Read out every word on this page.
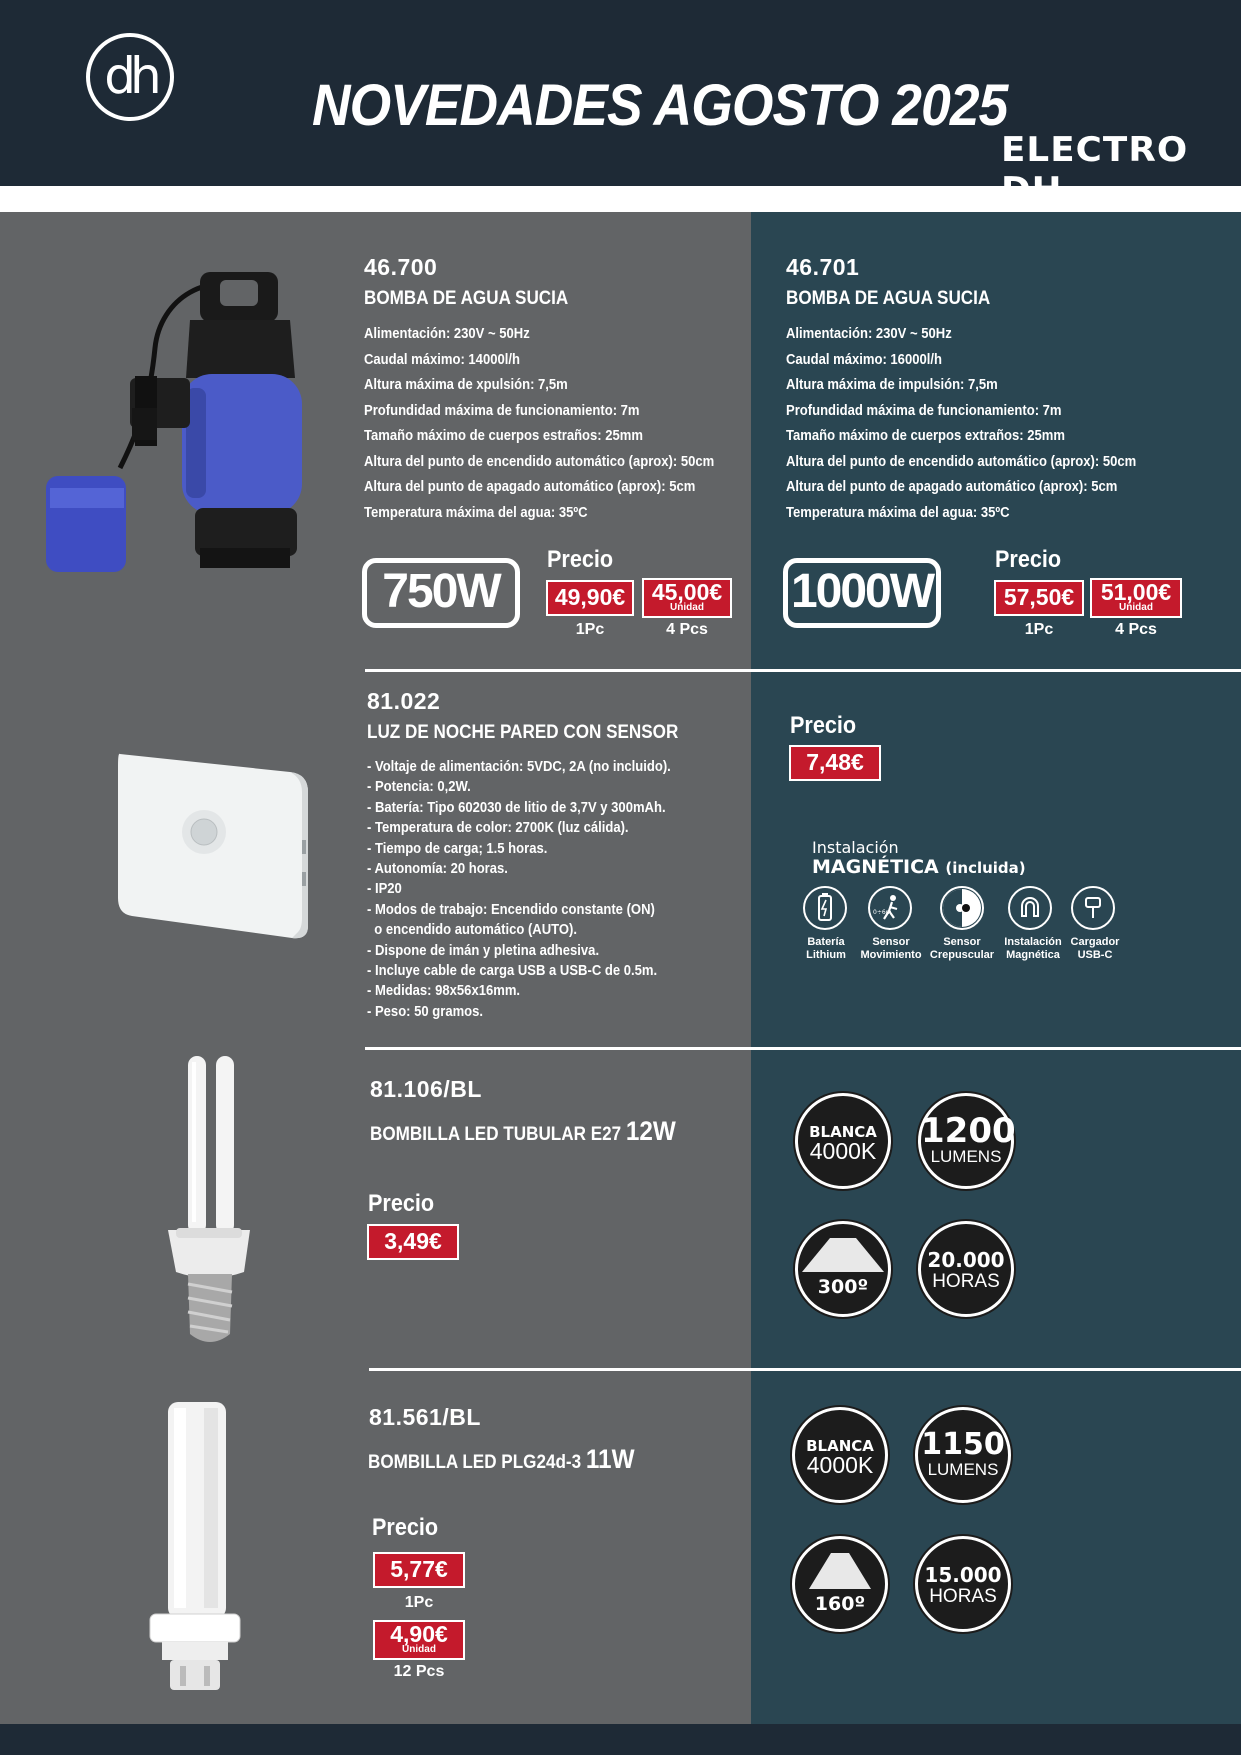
dh	NOVEDADES AGOSTO 2025
ELECTRO
46.700
BOMBA DE AGUA SUCIA
Alimentación: 230V ~ 50Hz
Caudal máximo: 14000l/h
Altura máxima de xpulsión: 7,5m
Profundidad máxima de funcionamiento: 7m
Tamaño máximo de cuerpos estraños: 25mm
Altura del punto de encendido automático (aprox): 50cm
Altura del punto de apagado automático (aprox): 5cm
Temperatura máxima del agua: 35ºC
750W
Precio
49,90€	45,00€
Unidad
1Pc	4 Pcs
46.701
BOMBA DE AGUA SUCIA
Alimentación: 230V ~ 50Hz
Caudal máximo: 16000l/h
Altura máxima de impulsión: 7,5m
Profundidad máxima de funcionamiento: 7m
Tamaño máximo de cuerpos extraños: 25mm
Altura del punto de encendido automático (aprox): 50cm
Altura del punto de apagado automático (aprox): 5cm
Temperatura máxima del agua: 35ºC
1000W
Precio
57,50€	51,00€
Unidad
1Pc	4 Pcs
81.022
LUZ DE NOCHE PARED CON SENSOR
- Voltaje de alimentación: 5VDC, 2A (no incluido).
- Potencia: 0,2W.
- Batería: Tipo 602030 de litio de 3,7V y 300mAh.
- Temperatura de color: 2700K (luz cálida).
- Tiempo de carga; 1.5 horas.
- Autonomía: 20 horas.
- IP20
- Modos de trabajo: Encendido constante (ON)
o encendido automático (AUTO).
- Dispone de imán y pletina adhesiva.
- Incluye cable de carga USB a USB-C de 0.5m.
- Medidas: 98x56x16mm.
- Peso: 50 gramos.
Precio
7,48€
Instalación
MAGNÉTICA (incluida)
0÷6m
Batería
Lithium
Sensor
Movimiento
Sensor
Crepuscular
Instalación
Magnética
Cargador
USB-C
81.106/BL
BOMBILLA LED TUBULAR E27 12W
Precio
3,49€
BLANCA
4000K	1200
LUMENS
300º
20.000
HORAS
81.561/BL
BOMBILLA LED PLG24d-3 11W
Precio
5,77€
1Pc
4,90€
Unidad
12 Pcs
BLANCA
4000K
1150
LUMENS
160º
15.000
HORAS
